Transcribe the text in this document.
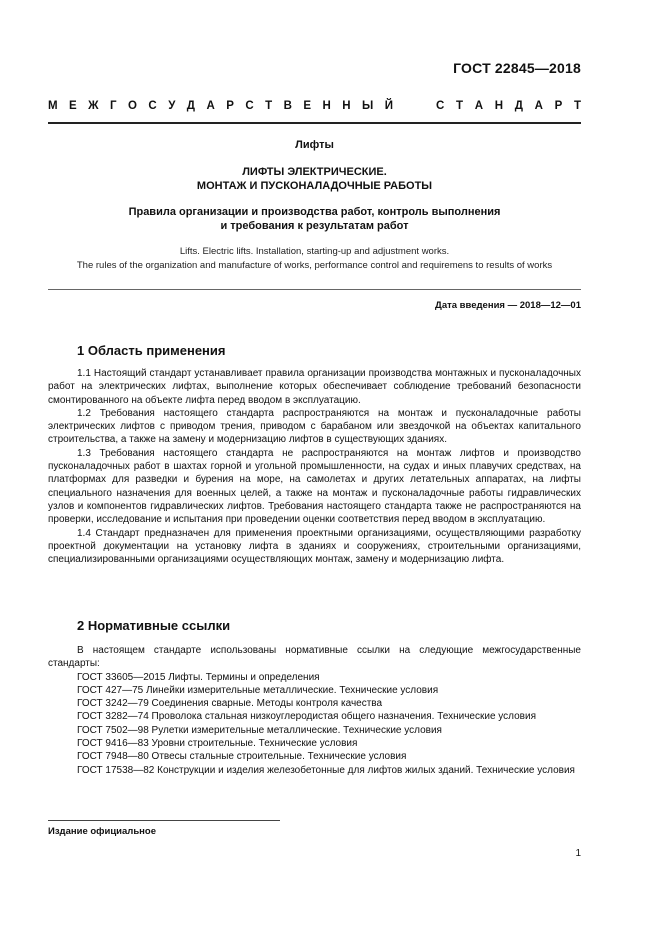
ГОСТ 22845—2018
М Е Ж Г О С У Д А Р С Т В Е Н Н Ы Й	С Т А Н Д А Р Т
Лифты
ЛИФТЫ ЭЛЕКТРИЧЕСКИЕ.
МОНТАЖ И ПУСКОНАЛАДОЧНЫЕ РАБОТЫ
Правила организации и производства работ, контроль выполнения
и требования к результатам работ
Lifts. Electric lifts. Installation, starting-up and adjustment works.
The rules of the organization and manufacture of works, performance control and requiremens to results of works
Дата введения — 2018—12—01
1 Область применения

1.1 Настоящий стандарт устанавливает правила организации производства монтажных и пусконаладочных работ на электрических лифтах, выполнение которых обеспечивает соблюдение требований безопасности смонтированного на объекте лифта перед вводом в эксплуатацию.

1.2 Требования настоящего стандарта распространяются на монтаж и пусконаладочные работы электрических лифтов с приводом трения, приводом с барабаном или звездочкой на объектах капитального строительства, а также на замену и модернизацию лифтов в существующих зданиях.

1.3 Требования настоящего стандарта не распространяются на монтаж лифтов и производство пусконаладочных работ в шахтах горной и угольной промышленности, на судах и иных плавучих средствах, на платформах для разведки и бурения на море, на самолетах и других летательных аппаратах, на лифты специального назначения для военных целей, а также на монтаж и пусконаладочные работы гидравлических узлов и компонентов гидравлических лифтов. Требования настоящего стандарта также не распространяются на проверки, исследование и испытания при проведении оценки соответствия перед вводом в эксплуатацию.

1.4 Стандарт предназначен для применения проектными организациями, осуществляющими разработку проектной документации на установку лифта в зданиях и сооружениях, строительными организациями, специализированными организациями осуществляющих монтаж, замену и модернизацию лифта.

2 Нормативные ссылки

В настоящем стандарте использованы нормативные ссылки на следующие межгосударственные стандарты:

ГОСТ 33605—2015 Лифты. Термины и определения

ГОСТ 427—75 Линейки измерительные металлические. Технические условия

ГОСТ 3242—79 Соединения сварные. Методы контроля качества

ГОСТ 3282—74 Проволока стальная низкоуглеродистая общего назначения. Технические условия

ГОСТ 7502—98 Рулетки измерительные металлические. Технические условия

ГОСТ 9416—83 Уровни строительные. Технические условия

ГОСТ 7948—80 Отвесы стальные строительные. Технические условия

ГОСТ 17538—82 Конструкции и изделия железобетонные для лифтов жилых зданий. Технические условия

Издание официальное
1
